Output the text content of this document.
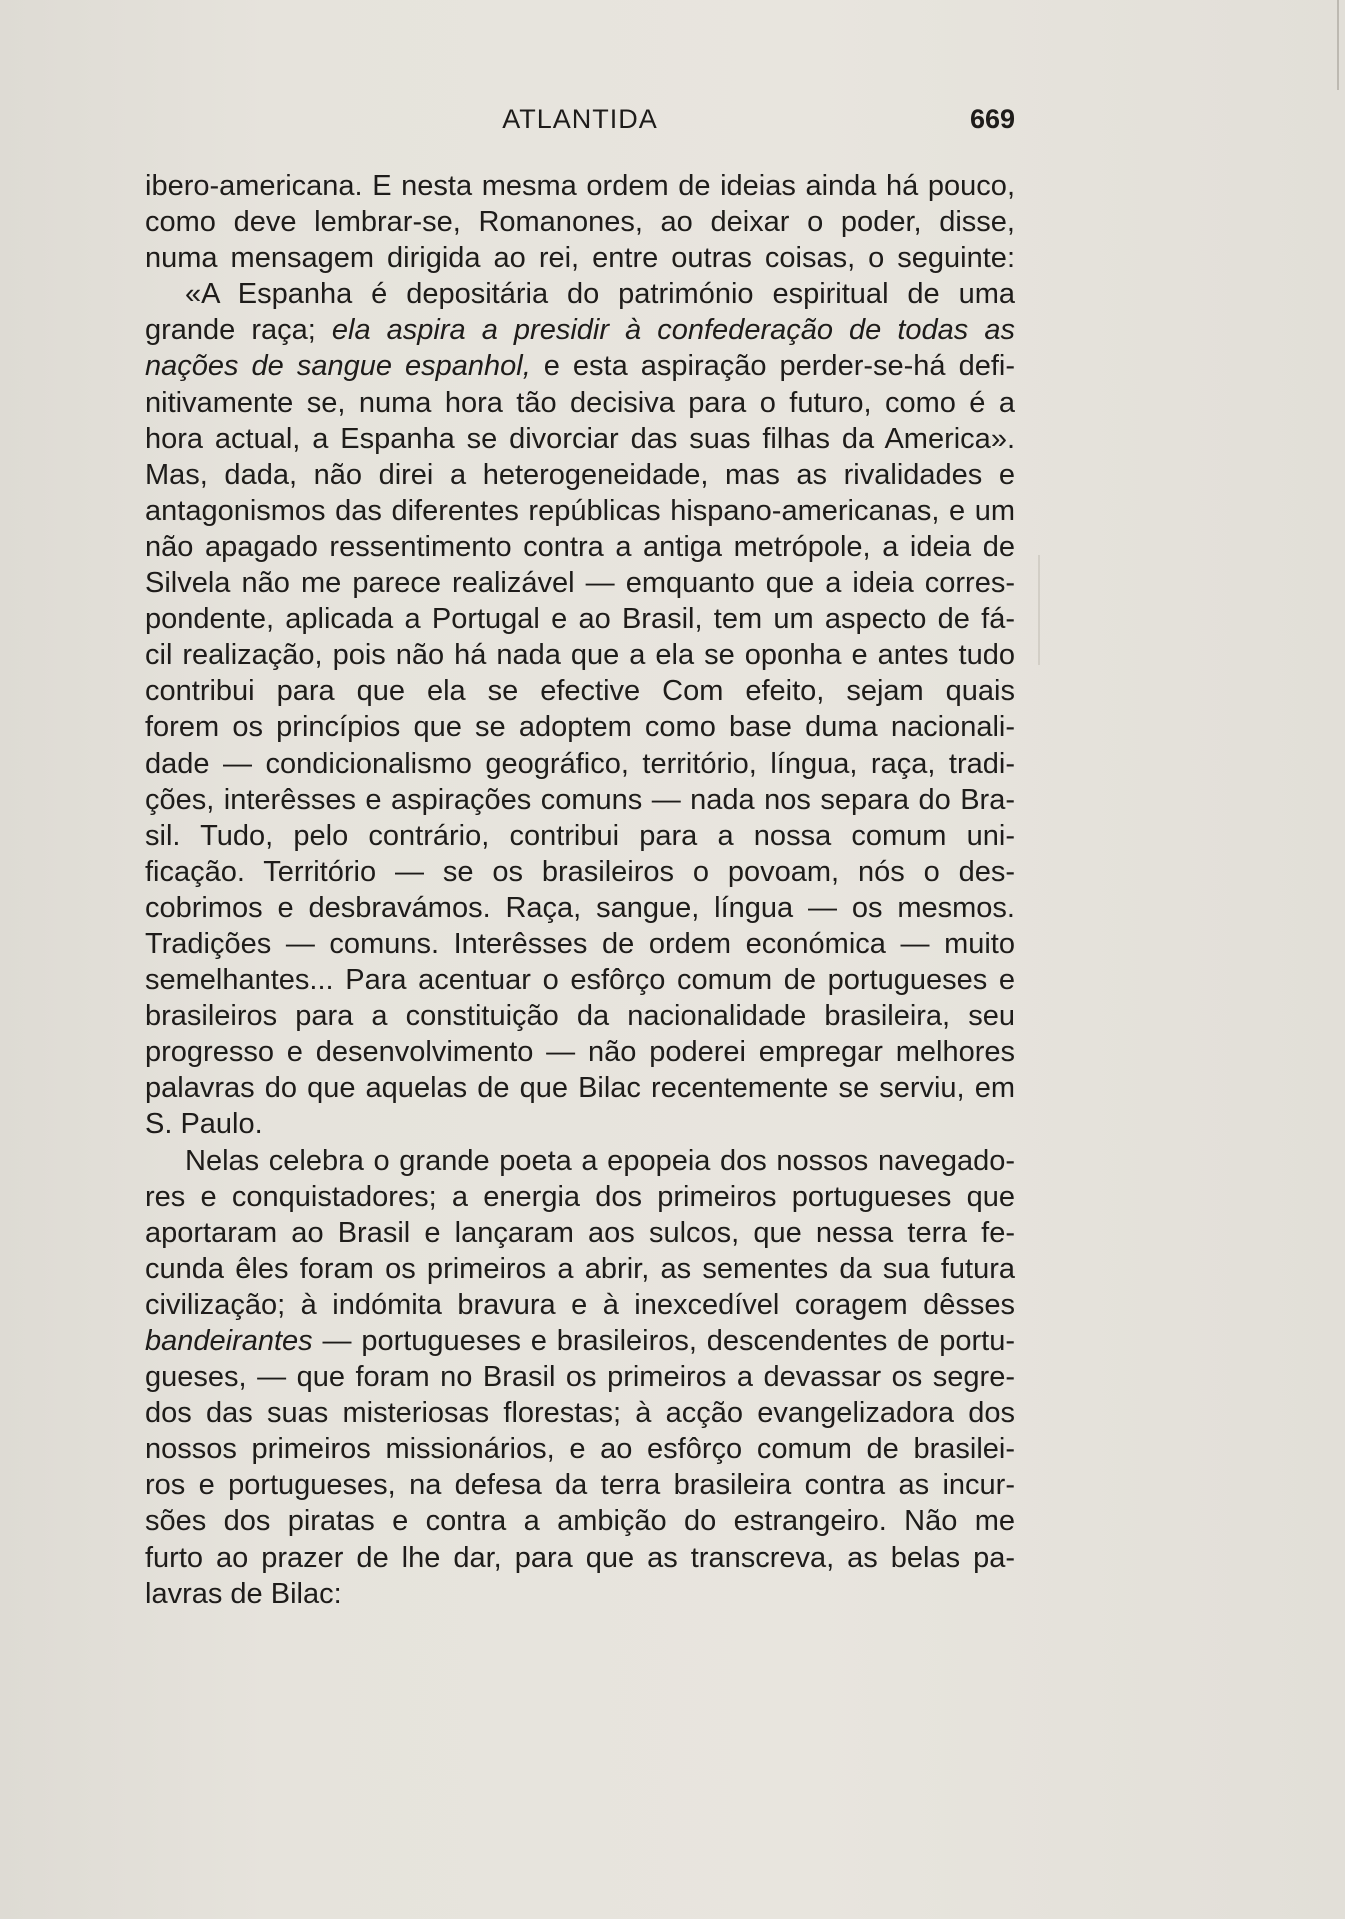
ATLANTIDA	669
ibero-americana. E nesta mesma ordem de ideias ainda há pouco,
como deve lembrar-se, Romanones, ao deixar o poder, disse,
numa mensagem dirigida ao rei, entre outras coisas, o seguinte:
«A Espanha é depositária do património espiritual de uma
grande raça; ela aspira a presidir à confederação de todas as
nações de sangue espanhol, e esta aspiração perder-se-há defi-
nitivamente se, numa hora tão decisiva para o futuro, como é a
hora actual, a Espanha se divorciar das suas filhas da America».
Mas, dada, não direi a heterogeneidade, mas as rivalidades e
antagonismos das diferentes repúblicas hispano-americanas, e um
não apagado ressentimento contra a antiga metrópole, a ideia de
Silvela não me parece realizável — emquanto que a ideia corres-
pondente, aplicada a Portugal e ao Brasil, tem um aspecto de fá-
cil realização, pois não há nada que a ela se oponha e antes tudo
contribui para que ela se efective Com efeito, sejam quais
forem os princípios que se adoptem como base duma nacionali-
dade — condicionalismo geográfico, território, língua, raça, tradi-
ções, interêsses e aspirações comuns — nada nos separa do Bra-
sil. Tudo, pelo contrário, contribui para a nossa comum uni-
ficação. Território — se os brasileiros o povoam, nós o des-
cobrimos e desbravámos. Raça, sangue, língua — os mesmos.
Tradições — comuns. Interêsses de ordem económica — muito
semelhantes... Para acentuar o esfôrço comum de portugueses e
brasileiros para a constituição da nacionalidade brasileira, seu
progresso e desenvolvimento — não poderei empregar melhores
palavras do que aquelas de que Bilac recentemente se serviu, em
S. Paulo.
Nelas celebra o grande poeta a epopeia dos nossos navegado-
res e conquistadores; a energia dos primeiros portugueses que
aportaram ao Brasil e lançaram aos sulcos, que nessa terra fe-
cunda êles foram os primeiros a abrir, as sementes da sua futura
civilização; à indómita bravura e à inexcedível coragem dêsses
bandeirantes — portugueses e brasileiros, descendentes de portu-
gueses, — que foram no Brasil os primeiros a devassar os segre-
dos das suas misteriosas florestas; à acção evangelizadora dos
nossos primeiros missionários, e ao esfôrço comum de brasilei-
ros e portugueses, na defesa da terra brasileira contra as incur-
sões dos piratas e contra a ambição do estrangeiro. Não me
furto ao prazer de lhe dar, para que as transcreva, as belas pa-
lavras de Bilac:
